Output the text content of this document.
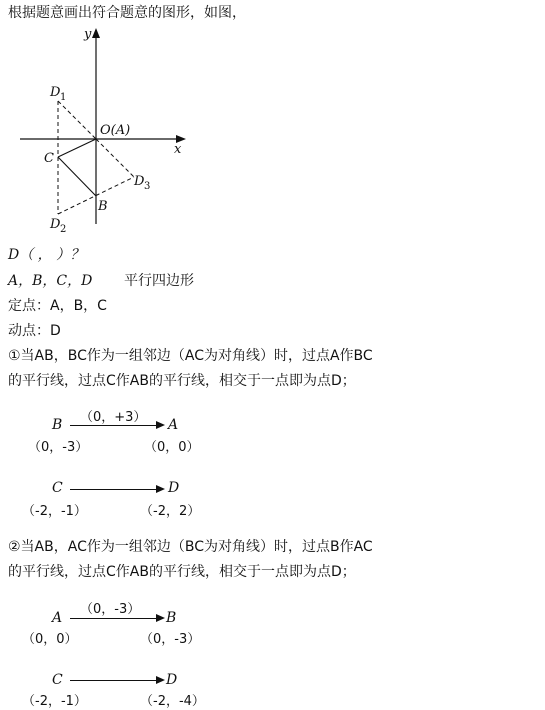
根据题意画出符合题意的图形，如图，
y
x
O(A)
D 1
D 2
D 3
C
B
D（ ， ）？
A，B，C，D 平行四边形
定点：A，B，C
动点：D
①当AB，BC作为一组邻边（AC为对角线）时，过点A作BC
的平行线，过点C作AB的平行线，相交于一点即为点D；
B （0，+3） A
（0，-3）	（0，0）
C	D
（-2，-1）	（-2，2）
②当AB，AC作为一组邻边（BC为对角线）时，过点B作AC
的平行线，过点C作AB的平行线，相交于一点即为点D；
A
（0，-3）
B
（0，0）	（0，-3）
C	D
（-2，-1）	（-2，-4）
